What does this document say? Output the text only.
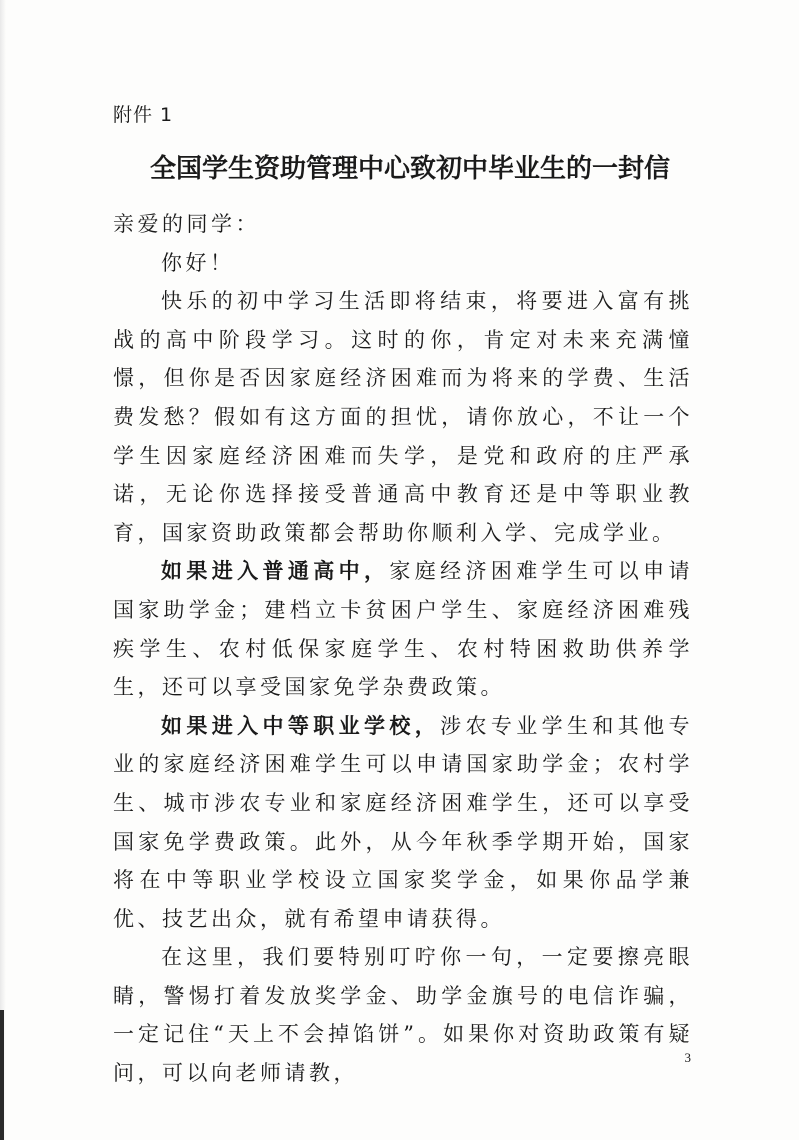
附件 1
全国学生资助管理中心致初中毕业生的一封信

亲爱的同学：

你好！

快乐的初中学习生活即将结束，将要进入富有挑战的高中阶段学习。这时的你，肯定对未来充满憧憬，但你是否因家庭经济困难而为将来的学费、生活费发愁？假如有这方面的担忧，请你放心，不让一个学生因家庭经济困难而失学，是党和政府的庄严承诺，无论你选择接受普通高中教育还是中等职业教育，国家资助政策都会帮助你顺利入学、完成学业。

如果进入普通高中，家庭经济困难学生可以申请国家助学金；建档立卡贫困户学生、家庭经济困难残疾学生、农村低保家庭学生、农村特困救助供养学生，还可以享受国家免学杂费政策。

如果进入中等职业学校，涉农专业学生和其他专业的家庭经济困难学生可以申请国家助学金；农村学生、城市涉农专业和家庭经济困难学生，还可以享受国家免学费政策。此外，从今年秋季学期开始，国家将在中等职业学校设立国家奖学金，如果你品学兼优、技艺出众，就有希望申请获得。

在这里，我们要特别叮咛你一句，一定要擦亮眼睛，警惕打着发放奖学金、助学金旗号的电信诈骗，一定记住“天上不会掉馅饼”。如果你对资助政策有疑问，可以向老师请教，

3
